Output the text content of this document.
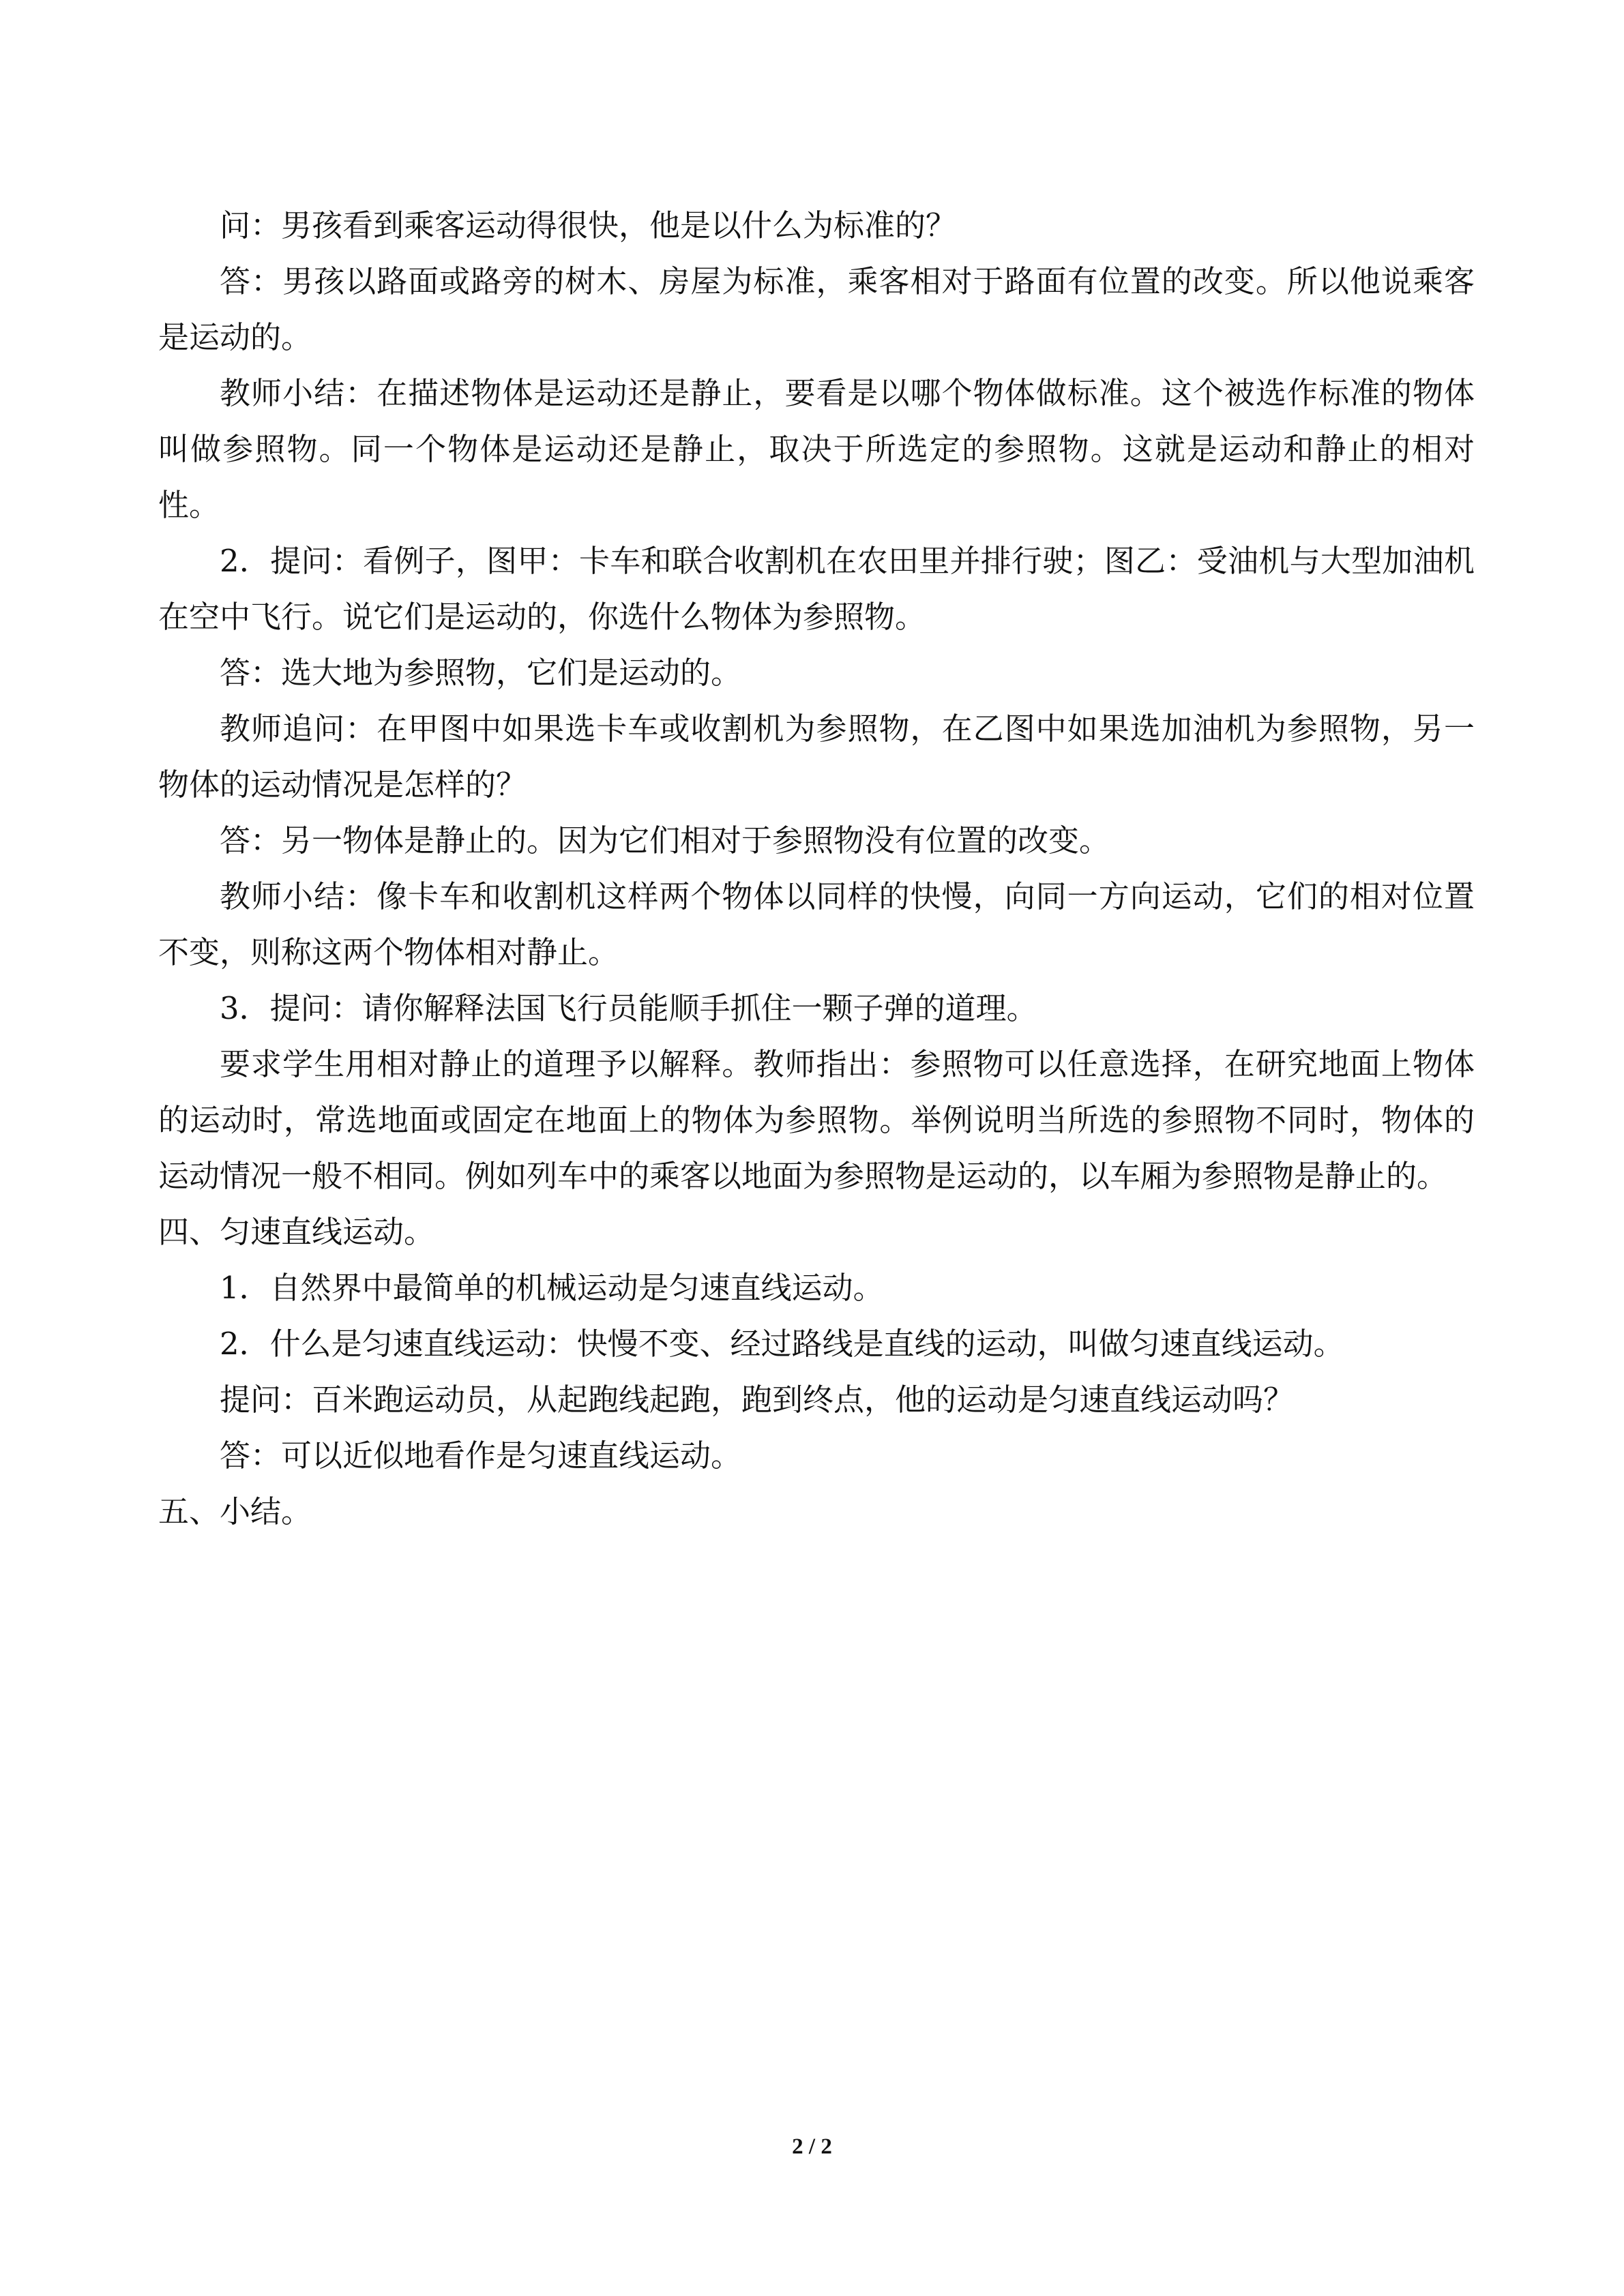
问：男孩看到乘客运动得很快，他是以什么为标准的？

答：男孩以路面或路旁的树木、房屋为标准，乘客相对于路面有位置的改变。所以他说乘客是运动的。

教师小结：在描述物体是运动还是静止，要看是以哪个物体做标准。这个被选作标准的物体叫做参照物。同一个物体是运动还是静止，取决于所选定的参照物。这就是运动和静止的相对性。

2．提问：看例子，图甲：卡车和联合收割机在农田里并排行驶；图乙：受油机与大型加油机在空中飞行。说它们是运动的，你选什么物体为参照物。

答：选大地为参照物，它们是运动的。

教师追问：在甲图中如果选卡车或收割机为参照物，在乙图中如果选加油机为参照物，另一物体的运动情况是怎样的？

答：另一物体是静止的。因为它们相对于参照物没有位置的改变。

教师小结：像卡车和收割机这样两个物体以同样的快慢，向同一方向运动，它们的相对位置不变，则称这两个物体相对静止。

3．提问：请你解释法国飞行员能顺手抓住一颗子弹的道理。

要求学生用相对静止的道理予以解释。教师指出：参照物可以任意选择，在研究地面上物体的运动时，常选地面或固定在地面上的物体为参照物。举例说明当所选的参照物不同时，物体的运动情况一般不相同。例如列车中的乘客以地面为参照物是运动的，以车厢为参照物是静止的。

四、匀速直线运动。

1．自然界中最简单的机械运动是匀速直线运动。

2．什么是匀速直线运动：快慢不变、经过路线是直线的运动，叫做匀速直线运动。

提问：百米跑运动员，从起跑线起跑，跑到终点，他的运动是匀速直线运动吗？

答：可以近似地看作是匀速直线运动。

五、小结。

2 / 2
